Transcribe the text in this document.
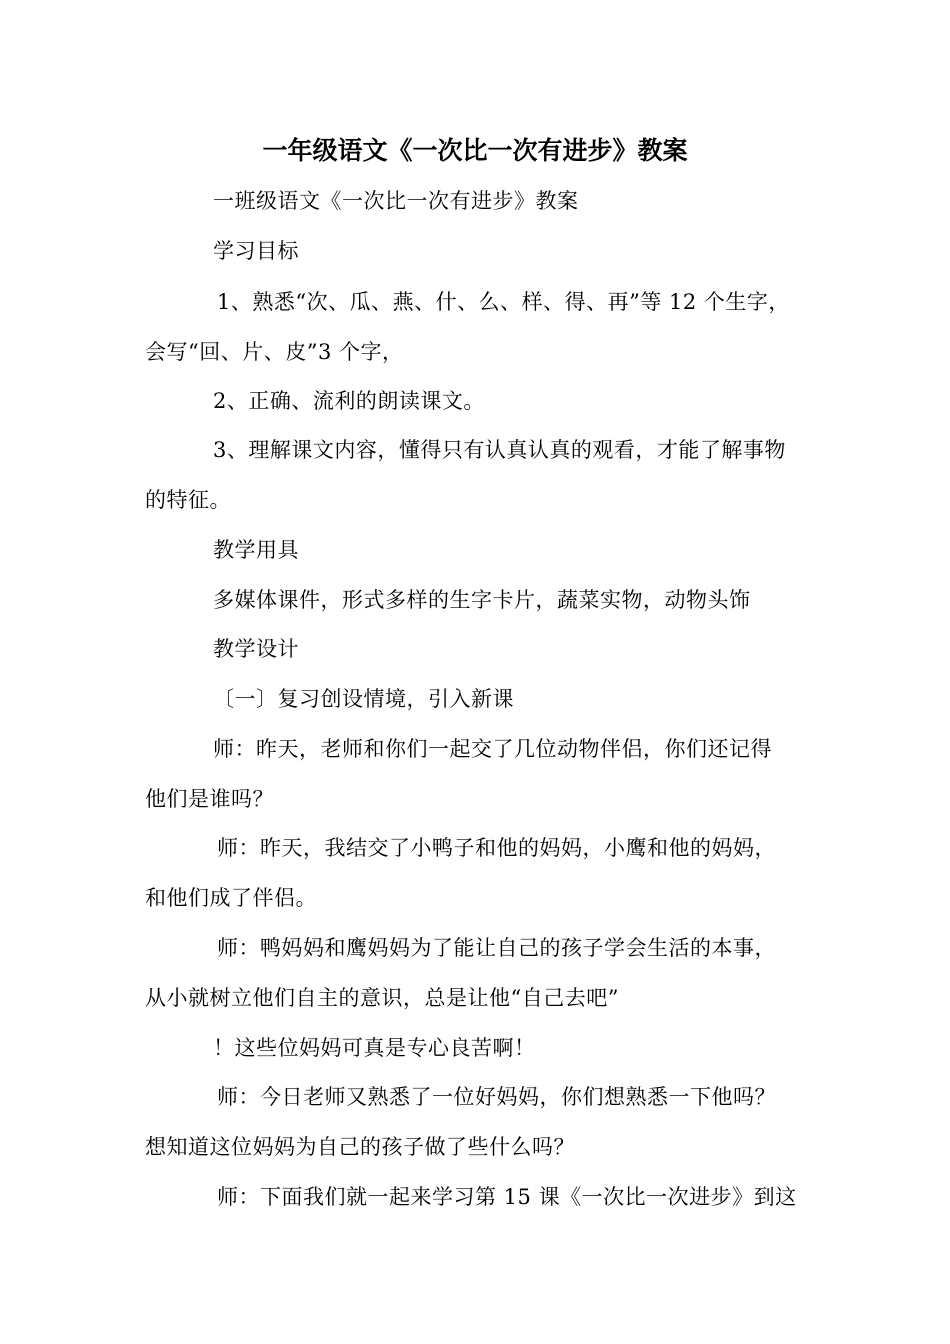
一年级语文《一次比一次有进步》教案
一班级语文《一次比一次有进步》教案
学习目标
1、熟悉“次、瓜、燕、什、么、样、得、再”等 12 个生字，
会写“回、片、皮”3 个字，
2、正确、流利的朗读课文。
3、理解课文内容，懂得只有认真认真的观看，才能了解事物
的特征。
教学用具
多媒体课件，形式多样的生字卡片，蔬菜实物，动物头饰
教学设计
〔一〕复习创设情境，引入新课
师：昨天，老师和你们一起交了几位动物伴侣，你们还记得
他们是谁吗？
师：昨天，我结交了小鸭子和他的妈妈，小鹰和他的妈妈，
和他们成了伴侣。
师：鸭妈妈和鹰妈妈为了能让自己的孩子学会生活的本事，
从小就树立他们自主的意识，总是让他“自己去吧”
！这些位妈妈可真是专心良苦啊！
师：今日老师又熟悉了一位好妈妈，你们想熟悉一下他吗？
想知道这位妈妈为自己的孩子做了些什么吗？
师：下面我们就一起来学习第 15 课《一次比一次进步》到这
